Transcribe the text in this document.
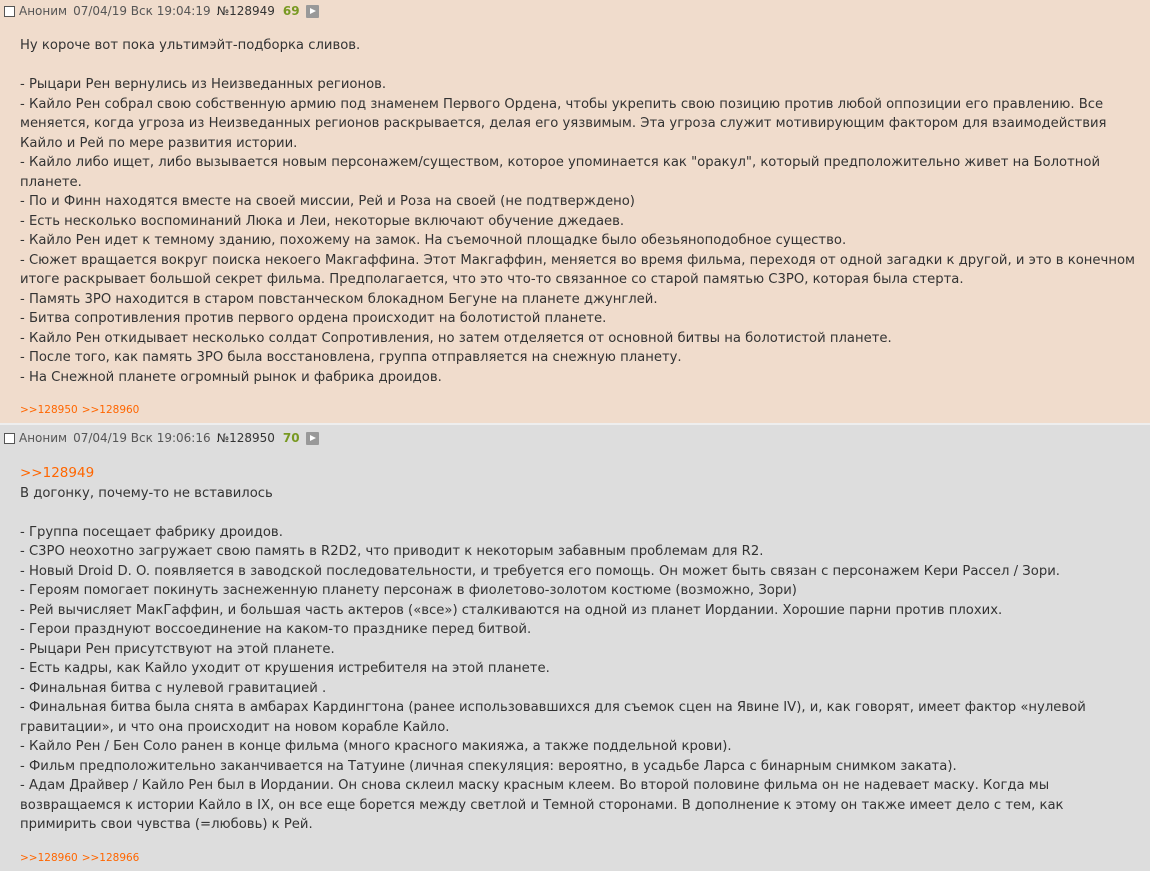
Аноним 07/04/19 Вск 19:04:19 №128949 69
Ну короче вот пока ультимэйт-подборка сливов.
- Рыцари Рен вернулись из Неизведанных регионов.
- Кайло Рен собрал свою собственную армию под знаменем Первого Ордена, чтобы укрепить свою позицию против любой оппозиции его правлению. Все меняется, когда угроза из Неизведанных регионов раскрывается, делая его уязвимым. Эта угроза служит мотивирующим фактором для взаимодействия Кайло и Рей по мере развития истории.
- Кайло либо ищет, либо вызывается новым персонажем/существом, которое упоминается как "оракул", который предположительно живет на Болотной планете.
- По и Финн находятся вместе на своей миссии, Рей и Роза на своей (не подтверждено)
- Есть несколько воспоминаний Люка и Леи, некоторые включают обучение джедаев.
- Кайло Рен идет к темному зданию, похожему на замок. На съемочной площадке было обезьяноподобное существо.
- Сюжет вращается вокруг поиска некоего Макгаффина. Этот Макгаффин, меняется во время фильма, переходя от одной загадки к другой, и это в конечном итоге раскрывает большой секрет фильма. Предполагается, что это что-то связанное со старой памятью С3РО, которая была стерта.
- Память 3РО находится в старом повстанческом блокадном Бегуне на планете джунглей.
- Битва сопротивления против первого ордена происходит на болотистой планете.
- Кайло Рен откидывает несколько солдат Сопротивления, но затем отделяется от основной битвы на болотистой планете.
- После того, как память 3РО была восстановлена, группа отправляется на снежную планету.
- На Снежной планете огромный рынок и фабрика дроидов.
>>128950 >>128960
Аноним 07/04/19 Вск 19:06:16 №128950 70
>>128949
В догонку, почему-то не вставилось
- Группа посещает фабрику дроидов.
- С3РО неохотно загружает свою память в R2D2, что приводит к некоторым забавным проблемам для R2.
- Новый Droid D. O. появляется в заводской последовательности, и требуется его помощь. Он может быть связан с персонажем Кери Рассел / Зори.
- Героям помогает покинуть заснеженную планету персонаж в фиолетово-золотом костюме (возможно, Зори)
- Рей вычисляет МакГаффин, и большая часть актеров («все») сталкиваются на одной из планет Иордании. Хорошие парни против плохих.
- Герои празднуют воссоединение на каком-то празднике перед битвой.
- Рыцари Рен присутствуют на этой планете.
- Есть кадры, как Кайло уходит от крушения истребителя на этой планете.
- Финальная битва с нулевой гравитацией .
- Финальная битва была снята в амбарах Кардингтона (ранее использовавшихся для съемок сцен на Явине IV), и, как говорят, имеет фактор «нулевой гравитации», и что она происходит на новом корабле Кайло.
- Кайло Рен / Бен Соло ранен в конце фильма (много красного макияжа, а также поддельной крови).
- Фильм предположительно заканчивается на Татуине (личная спекуляция: вероятно, в усадьбе Ларса с бинарным снимком заката).
- Адам Драйвер / Кайло Рен был в Иордании. Он снова склеил маску красным клеем. Во второй половине фильма он не надевает маску. Когда мы возвращаемся к истории Кайло в IX, он все еще борется между светлой и Темной сторонами. В дополнение к этому он также имеет дело с тем, как примирить свои чувства (=любовь) к Рей.
>>128960 >>128966
